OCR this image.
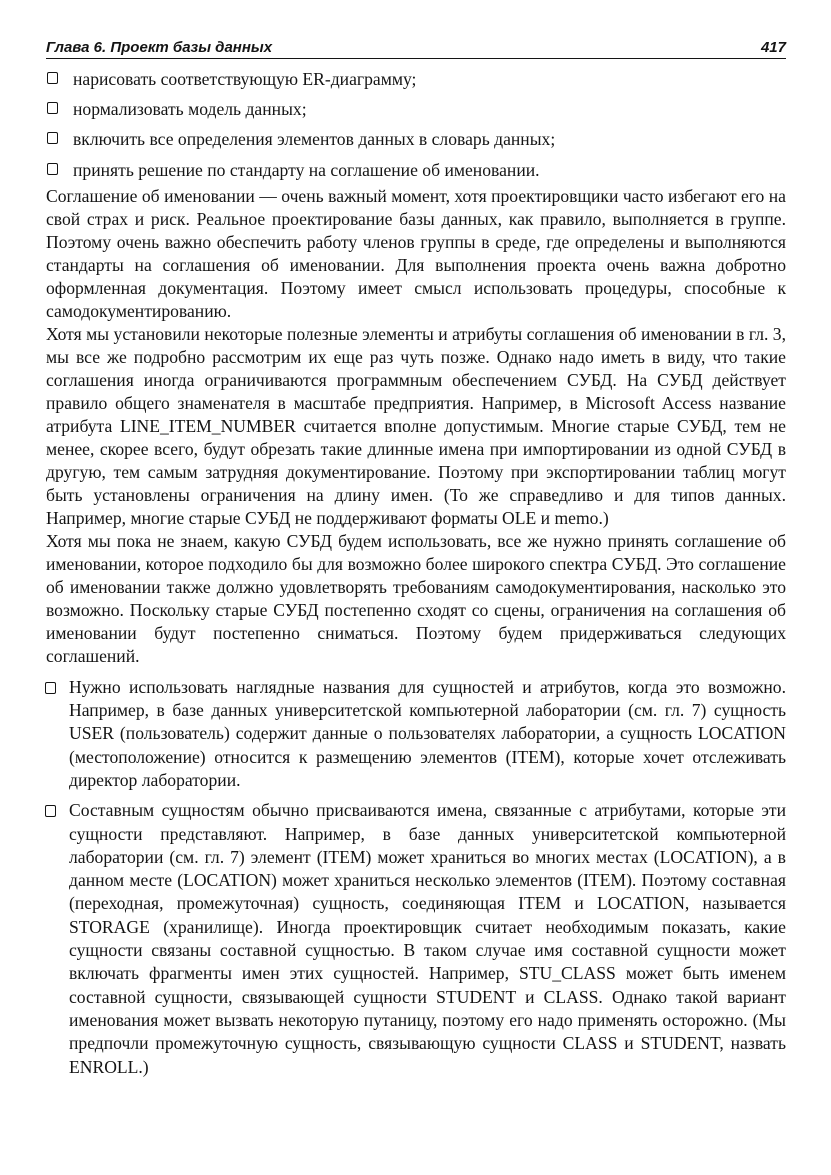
Глава 6. Проект базы данных	417
нарисовать соответствующую ER-диаграмму;
нормализовать модель данных;
включить все определения элементов данных в словарь данных;
принять решение по стандарту на соглашение об именовании.

Соглашение об именовании — очень важный момент, хотя проектировщики часто избегают его на свой страх и риск. Реальное проектирование базы данных, как правило, выполняется в группе. Поэтому очень важно обеспечить работу членов группы в среде, где определены и выполняются стандарты на соглашения об именовании. Для выполнения проекта очень важна добротно оформленная документация. Поэтому имеет смысл использовать процедуры, способные к самодокументированию.

Хотя мы установили некоторые полезные элементы и атрибуты соглашения об именовании в гл. 3, мы все же подробно рассмотрим их еще раз чуть позже. Однако надо иметь в виду, что такие соглашения иногда ограничиваются программным обеспечением СУБД. На СУБД действует правило общего знаменателя в масштабе предприятия. Например, в Microsoft Access название атрибута LINE_ITEM_NUMBER считается вполне допустимым. Многие старые СУБД, тем не менее, скорее всего, будут обрезать такие длинные имена при импортировании из одной СУБД в другую, тем самым затрудняя документирование. Поэтому при экспортировании таблиц могут быть установлены ограничения на длину имен. (То же справедливо и для типов данных. Например, многие старые СУБД не поддерживают форматы OLE и memo.)

Хотя мы пока не знаем, какую СУБД будем использовать, все же нужно принять соглашение об именовании, которое подходило бы для возможно более широкого спектра СУБД. Это соглашение об именовании также должно удовлетворять требованиям самодокументирования, насколько это возможно. Поскольку старые СУБД постепенно сходят со сцены, ограничения на соглашения об именовании будут постепенно сниматься. Поэтому будем придерживаться следующих соглашений.

Нужно использовать наглядные названия для сущностей и атрибутов, когда это возможно. Например, в базе данных университетской компьютерной лаборатории (см. гл. 7) сущность USER (пользователь) содержит данные о пользователях лаборатории, а сущность LOCATION (местоположение) относится к размещению элементов (ITEM), которые хочет отслеживать директор лаборатории.
Составным сущностям обычно присваиваются имена, связанные с атрибутами, которые эти сущности представляют. Например, в базе данных университетской компьютерной лаборатории (см. гл. 7) элемент (ITEM) может храниться во многих местах (LOCATION), а в данном месте (LOCATION) может храниться несколько элементов (ITEM). Поэтому составная (переходная, промежуточная) сущность, соединяющая ITEM и LOCATION, называется STORAGE (хранилище). Иногда проектировщик считает необходимым показать, какие сущности связаны составной сущностью. В таком случае имя составной сущности может включать фрагменты имен этих сущностей. Например, STU_CLASS может быть именем составной сущности, связывающей сущности STUDENT и CLASS. Однако такой вариант именования может вызвать некоторую путаницу, поэтому его надо применять осторожно. (Мы предпочли промежуточную сущность, связывающую сущности CLASS и STUDENT, назвать ENROLL.)
